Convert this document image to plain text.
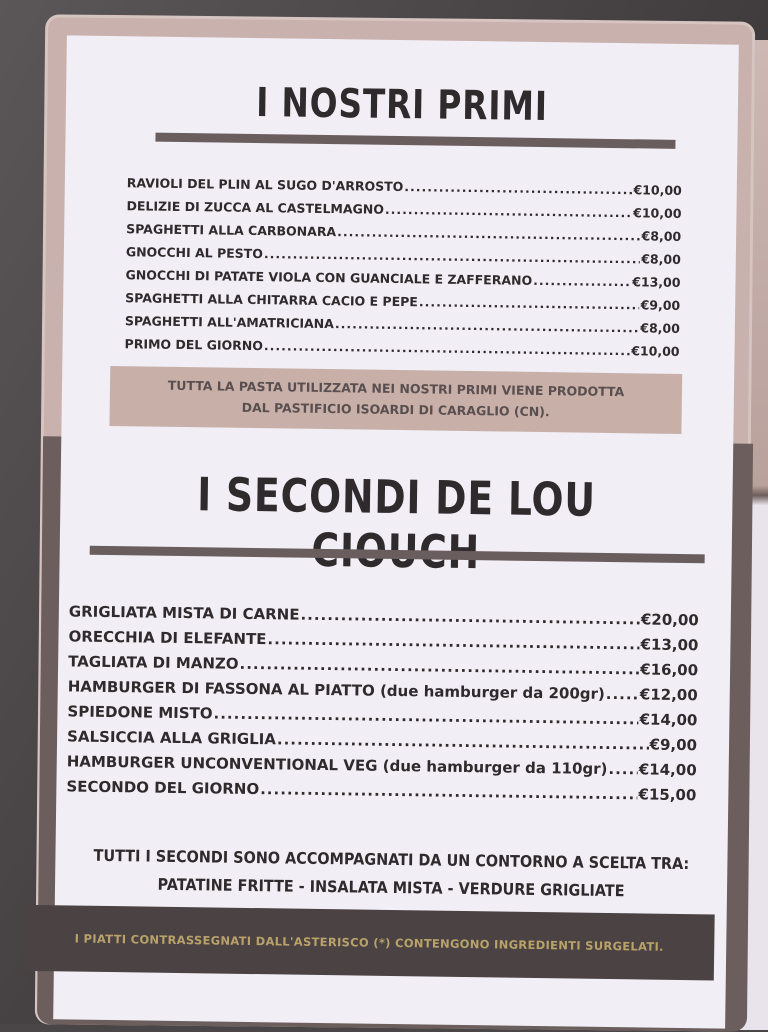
I NOSTRI PRIMI
RAVIOLI DEL PLIN AL SUGO D'ARROSTO .....	€10,00
DELIZIE DI ZUCCA AL CASTELMAGNO .....	€10,00
SPAGHETTI ALLA CARBONARA .....	€8,00
GNOCCHI AL PESTO .....	€8,00
GNOCCHI DI PATATE VIOLA CON GUANCIALE E ZAFFERANO .....	€13,00
SPAGHETTI ALLA CHITARRA CACIO E PEPE .....	€9,00
SPAGHETTI ALL'AMATRICIANA .....	€8,00
PRIMO DEL GIORNO .....	€10,00
TUTTA LA PASTA UTILIZZATA NEI NOSTRI PRIMI VIENE PRODOTTA
DAL PASTIFICIO ISOARDI DI CARAGLIO (CN).
I SECONDI DE LOU
GRIGLIATA MISTA DI CARNE .....	€20,00
ORECCHIA DI ELEFANTE .....	€13,00
TAGLIATA DI MANZO .....	€16,00
HAMBURGER DI FASSONA AL PIATTO (due hamburger da 200gr) ..... €12,00
SPIEDONE MISTO .....	€14,00
SALSICCIA ALLA GRIGLIA .....	€9,00
HAMBURGER UNCONVENTIONAL VEG (due hamburger da 110gr) ..... €14,00
SECONDO DEL GIORNO .....	€15,00
TUTTI I SECONDI SONO ACCOMPAGNATI DA UN CONTORNO A SCELTA TRA:
PATATINE FRITTE - INSALATA MISTA - VERDURE GRIGLIATE
I PIATTI CONTRASSEGNATI DALL'ASTERISCO (*) CONTENGONO INGREDIENTI SURGELATI.
